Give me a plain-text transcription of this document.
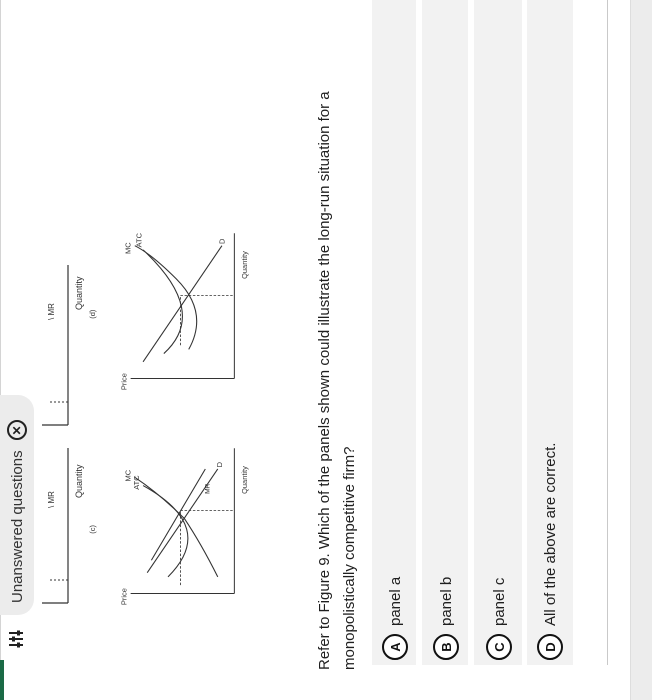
Unanswered questions
✕
Quantity
\ MR
Quantity
\ MR
(c)
Price
Quantity
MC ATC
D
MR
(d)
Price
Quantity
MC
ATC	D	Refer to Figure 9. Which of the panels shown could illustrate the long-run situation for a monopolistically competitive firm?	A
panel a
B
panel b
C
panel c
D
All of the above are correct.
